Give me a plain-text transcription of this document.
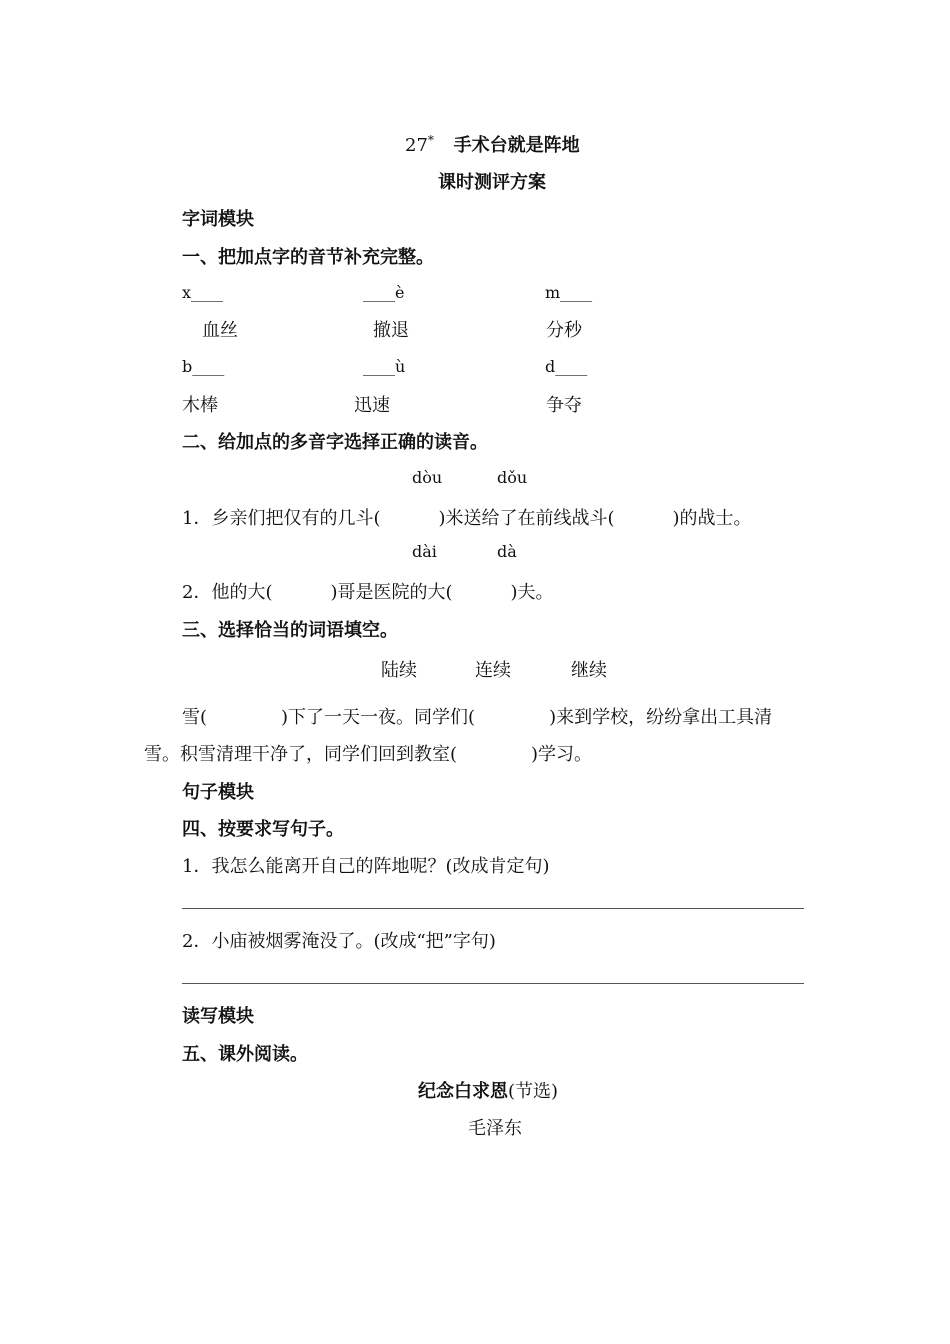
27* 手术台就是阵地
课时测评方案
字词模块
一、把加点字的音节补充完整。
x____	____è	m____
血丝	撤退	分秒
b____	____ù	d____
木棒	迅速	争夺
二、给加点的多音字选择正确的读音。
dòu	dǒu
1．乡亲们把仅有的几斗(	)米送给了在前线战斗(	)的战士。
dài	dà
2．他的大(	)哥是医院的大(	)夫。
三、选择恰当的词语填空。
陆续	连续	继续
雪(	)下了一天一夜。同学们(	)来到学校，纷纷拿出工具清
雪。积雪清理干净了，同学们回到教室(	)学习。
句子模块
四、按要求写句子。
1．我怎么能离开自己的阵地呢？(改成肯定句)
2．小庙被烟雾淹没了。(改成“把”字句)
读写模块
五、课外阅读。
纪念白求恩(节选)
毛泽东
